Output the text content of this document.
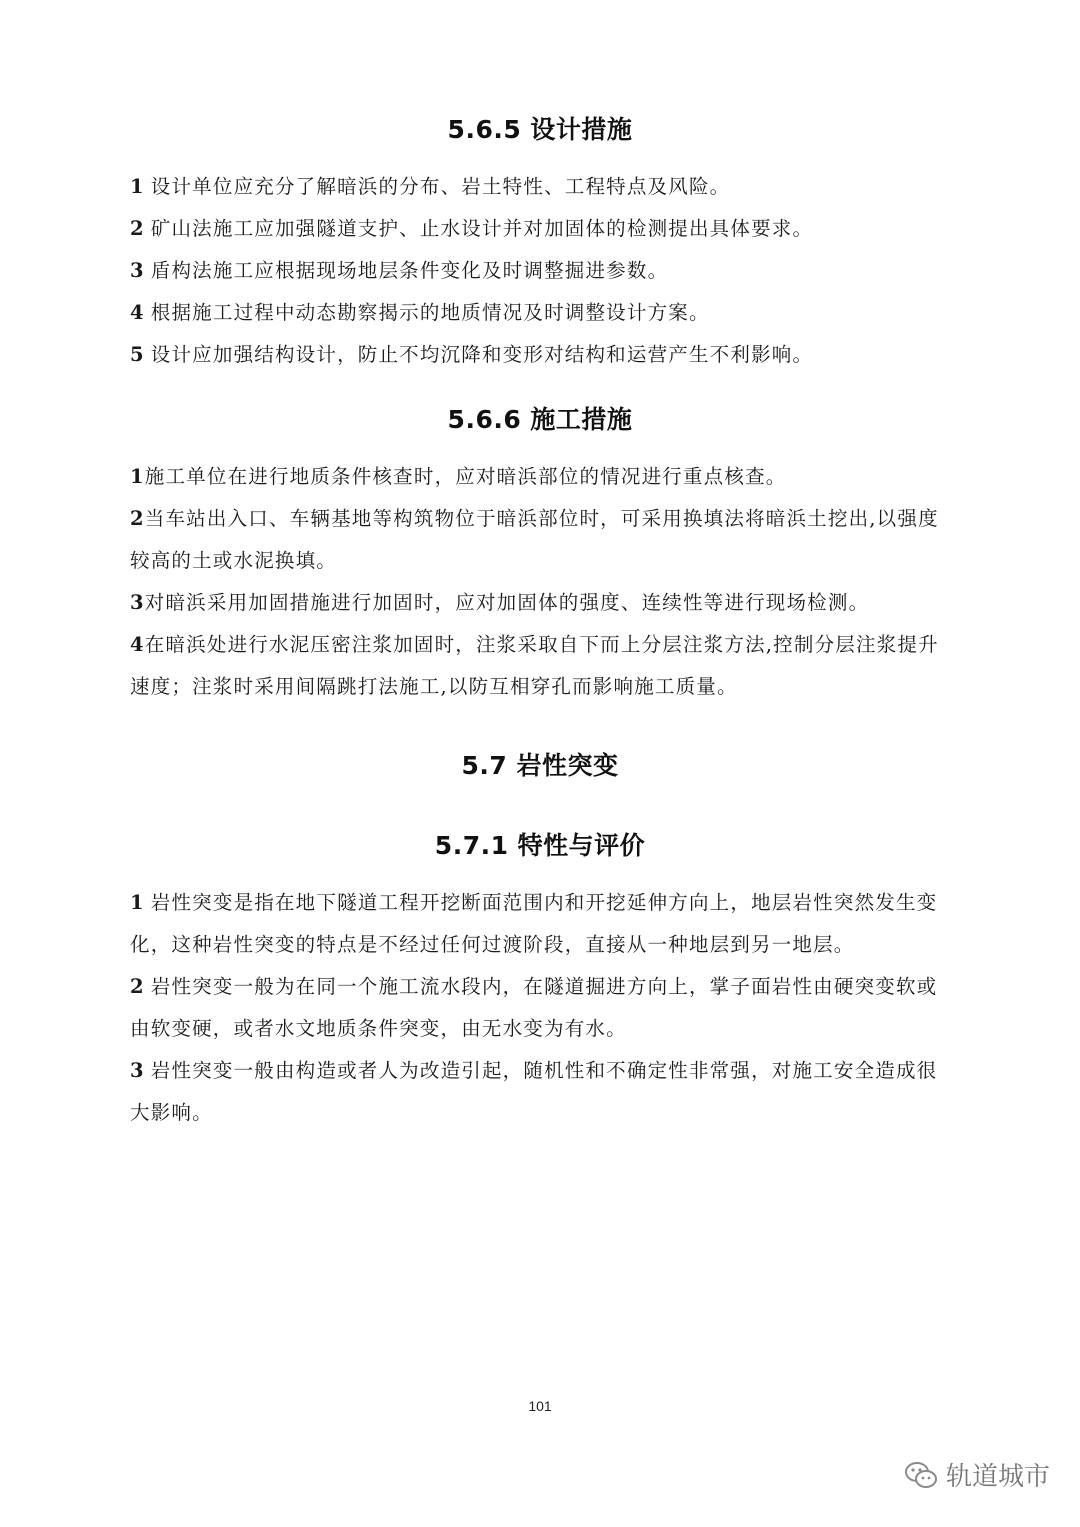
5.6.5 设计措施
1 设计单位应充分了解暗浜的分布、岩土特性、工程特点及风险。
2 矿山法施工应加强隧道支护、止水设计并对加固体的检测提出具体要求。
3 盾构法施工应根据现场地层条件变化及时调整掘进参数。
4 根据施工过程中动态勘察揭示的地质情况及时调整设计方案。
5 设计应加强结构设计，防止不均沉降和变形对结构和运营产生不利影响。
5.6.6 施工措施
1施工单位在进行地质条件核查时，应对暗浜部位的情况进行重点核查。
2当车站出入口、车辆基地等构筑物位于暗浜部位时，可采用换填法将暗浜土挖出,以强度较高的土或水泥换填。
3对暗浜采用加固措施进行加固时，应对加固体的强度、连续性等进行现场检测。
4在暗浜处进行水泥压密注浆加固时，注浆采取自下而上分层注浆方法,控制分层注浆提升速度；注浆时采用间隔跳打法施工,以防互相穿孔而影响施工质量。
5.7 岩性突变
5.7.1 特性与评价
1 岩性突变是指在地下隧道工程开挖断面范围内和开挖延伸方向上，地层岩性突然发生变化，这种岩性突变的特点是不经过任何过渡阶段，直接从一种地层到另一地层。
2 岩性突变一般为在同一个施工流水段内，在隧道掘进方向上，掌子面岩性由硬突变软或由软变硬，或者水文地质条件突变，由无水变为有水。
3 岩性突变一般由构造或者人为改造引起，随机性和不确定性非常强，对施工安全造成很大影响。
101
轨道城市
